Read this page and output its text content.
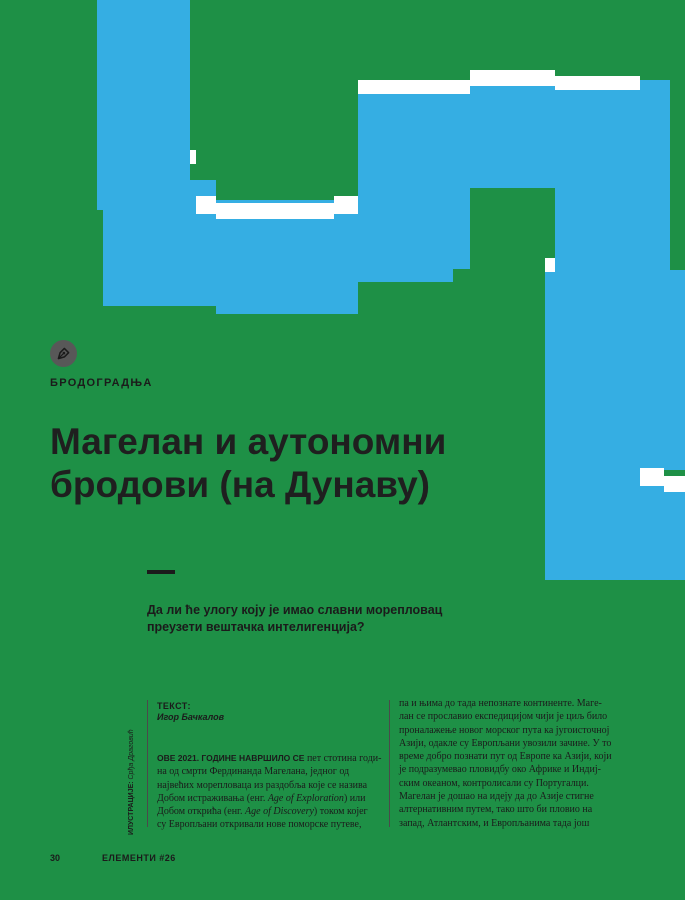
БРОДОГРАДЊА
Магелан и аутономни
бродови (на Дунаву)

Да ли ће улогу коју је имао славни морепловац
преузети вештачка интелигенција?

ИЛУСТРАЦИЈЕ: Срђа Драговић
ТЕКСТ:
Игор Бачкалов
ОВЕ 2021. ГОДИНЕ НАВРШИЛО СЕ пет стотина годи-
на од смрти Фердинанда Магелана, једног од
највећих морепловаца из раздобља које се назива
Добом истраживања (енг. Age of Exploration) или
Добом открића (енг. Age of Discovery) током којег
су Европљани откривали нове поморске путеве,
па и њима до тада непознате континенте. Маге-
лан се прославио експедицијом чији је циљ било
проналажење новог морског пута ка југоисточној
Азији, одакле су Европљани увозили зачине. У то
време добро познати пут од Европе ка Азији, који
је подразумевао пловидбу око Африке и Индиј-
ским океаном, контролисали су Португалци.
Магелан је дошао на идеју да до Азије стигне
алтернативним путем, тако што би пловио на
запад, Атлантским, и Европљанима тада још
30	ЕЛЕМЕНТИ #26
